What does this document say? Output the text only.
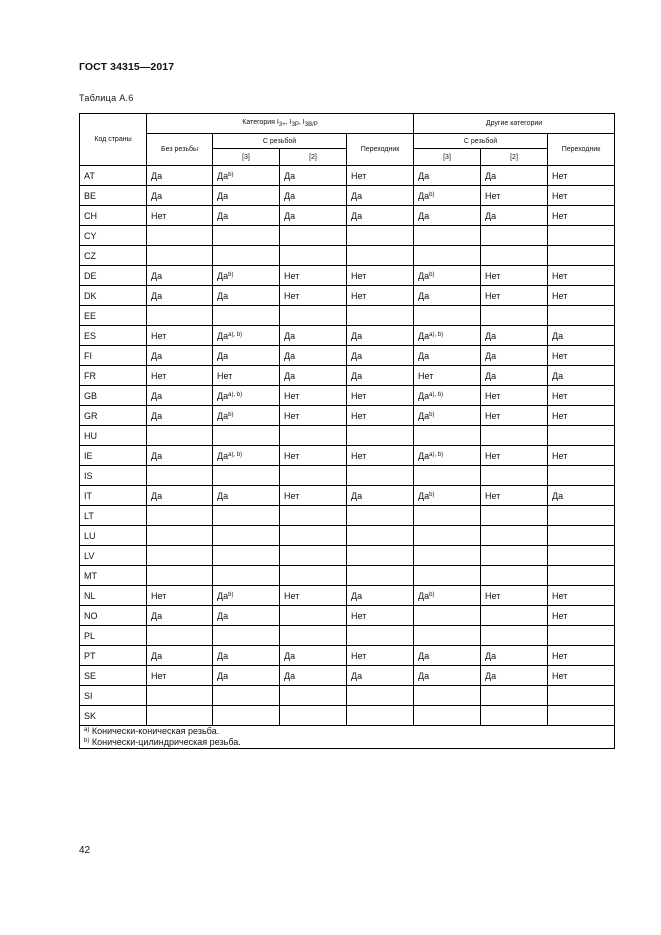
ГОСТ 34315—2017
Таблица А.6
Код страны	Категория $I_{3+}$, $I_{3P}$, $I_{3B/P}$				Другие категории		
	Без резьбы	С резьбой		Переходник	С резьбой		Переходник
		[3]	[2]		[3]	[2]	
AT	Да	$Да^{b)}$	Да	Нет	Да	Да	Нет
BE	Да	Да	Да	Да	$Да^{b)}$	Нет	Нет
CH	Нет	Да	Да	Да	Да	Да	Нет
CY							
CZ							
DE	Да	$Да^{b)}$	Нет	Нет	$Да^{b)}$	Нет	Нет
DK	Да	Да	Нет	Нет	Да	Нет	Нет
EE							
ES	Нет	$Да^{a), b)}$	Да	Да	$Да^{a), b)}$	Да	Да
FI	Да	Да	Да	Да	Да	Да	Нет
FR	Нет	Нет	Да	Да	Нет	Да	Да
GB	Да	$Да^{a), b)}$	Нет	Нет	$Да^{a), b)}$	Нет	Нет
GR	Да	$Да^{b)}$	Нет	Нет	$Да^{b)}$	Нет	Нет
HU							
IE	Да	$Да^{a), b)}$	Нет	Нет	$Да^{a), b)}$	Нет	Нет
IS							
IT	Да	Да	Нет	Да	$Да^{b)}$	Нет	Да
LT							
LU							
LV							
MT							
NL	Нет	$Да^{b)}$	Нет	Да	$Да^{b)}$	Нет	Нет
NO	Да	Да		Нет			Нет
PL							
PT	Да	Да	Да	Нет	Да	Да	Нет
SE	Нет	Да	Да	Да	Да	Да	Нет
SI							
SK							

$^{a)}$ Конически-коническая резьба.
$^{b)}$ Конически-цилиндрическая резьба.							
42
